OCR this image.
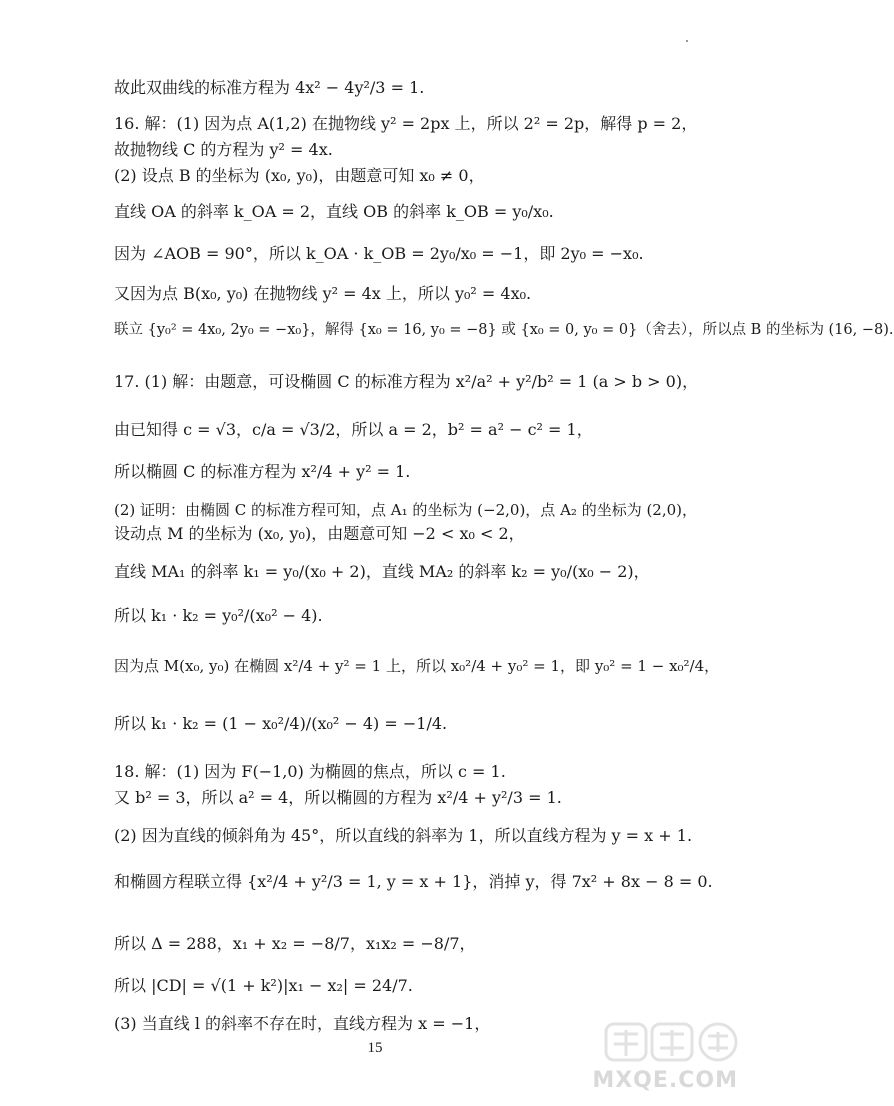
故此双曲线的标准方程为 4x² − 4y²/3 = 1.
16. 解：(1) 因为点 A(1,2) 在抛物线 y² = 2px 上，所以 2² = 2p，解得 p = 2，
故抛物线 C 的方程为 y² = 4x.
(2) 设点 B 的坐标为 (x₀, y₀)，由题意可知 x₀ ≠ 0，
直线 OA 的斜率 k_OA = 2，直线 OB 的斜率 k_OB = y₀/x₀.
因为 ∠AOB = 90°，所以 k_OA · k_OB = 2y₀/x₀ = −1，即 2y₀ = −x₀.
又因为点 B(x₀, y₀) 在抛物线 y² = 4x 上，所以 y₀² = 4x₀.
联立 {y₀² = 4x₀, 2y₀ = −x₀}，解得 {x₀ = 16, y₀ = −8} 或 {x₀ = 0, y₀ = 0}（舍去），所以点 B 的坐标为 (16, −8).
17. (1) 解：由题意，可设椭圆 C 的标准方程为 x²/a² + y²/b² = 1 (a > b > 0)，
由已知得 c = √3，c/a = √3/2，所以 a = 2，b² = a² − c² = 1，
所以椭圆 C 的标准方程为 x²/4 + y² = 1.
(2) 证明：由椭圆 C 的标准方程可知，点 A₁ 的坐标为 (−2,0)，点 A₂ 的坐标为 (2,0)，
设动点 M 的坐标为 (x₀, y₀)，由题意可知 −2 < x₀ < 2，
直线 MA₁ 的斜率 k₁ = y₀/(x₀ + 2)，直线 MA₂ 的斜率 k₂ = y₀/(x₀ − 2)，
所以 k₁ · k₂ = y₀²/(x₀² − 4).
因为点 M(x₀, y₀) 在椭圆 x²/4 + y² = 1 上，所以 x₀²/4 + y₀² = 1，即 y₀² = 1 − x₀²/4，
所以 k₁ · k₂ = (1 − x₀²/4)/(x₀² − 4) = −1/4.
18. 解：(1) 因为 F(−1,0) 为椭圆的焦点，所以 c = 1.
又 b² = 3，所以 a² = 4，所以椭圆的方程为 x²/4 + y²/3 = 1.
(2) 因为直线的倾斜角为 45°，所以直线的斜率为 1，所以直线方程为 y = x + 1.
和椭圆方程联立得 {x²/4 + y²/3 = 1, y = x + 1}，消掉 y，得 7x² + 8x − 8 = 0.
所以 Δ = 288，x₁ + x₂ = −8/7，x₁x₂ = −8/7，
所以 |CD| = √(1 + k²)|x₁ − x₂| = 24/7.
(3) 当直线 l 的斜率不存在时，直线方程为 x = −1，
15
MXQE.COM
